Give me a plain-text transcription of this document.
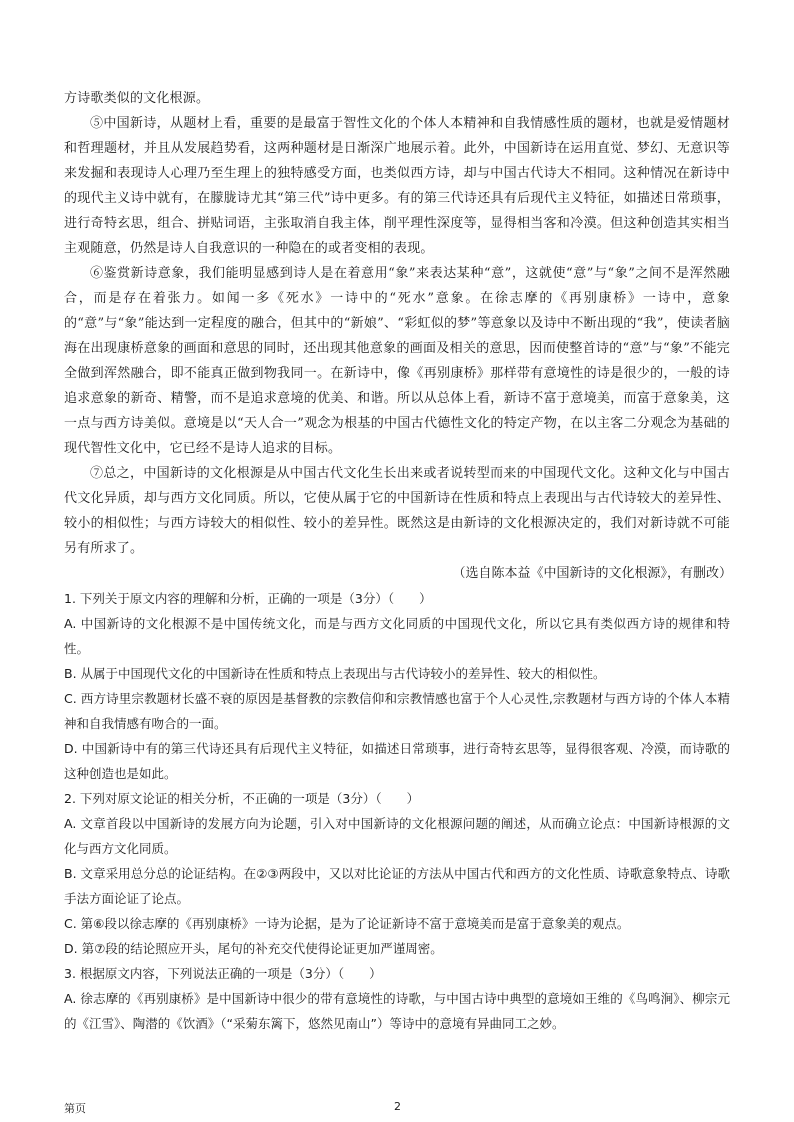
方诗歌类似的文化根源。

⑤中国新诗，从题材上看，重要的是最富于智性文化的个体人本精神和自我情感性质的题材，也就是爱情题材和哲理题材，并且从发展趋势看，这两种题材是日渐深广地展示着。此外，中国新诗在运用直觉、梦幻、无意识等来发掘和表现诗人心理乃至生理上的独特感受方面，也类似西方诗，却与中国古代诗大不相同。这种情况在新诗中的现代主义诗中就有，在朦胧诗尤其“第三代”诗中更多。有的第三代诗还具有后现代主义特征，如描述日常琐事，进行奇特玄思，组合、拼贴词语，主张取消自我主体，削平理性深度等，显得相当客和冷漠。但这种创造其实相当主观随意，仍然是诗人自我意识的一种隐在的或者变相的表现。

⑥鉴赏新诗意象，我们能明显感到诗人是在着意用“象”来表达某种“意”，这就使“意”与“象”之间不是浑然融合，而是存在着张力。如闻一多《死水》一诗中的“死水”意象。在徐志摩的《再别康桥》一诗中，意象的“意”与“象”能达到一定程度的融合，但其中的“新娘”、“彩虹似的梦”等意象以及诗中不断出现的“我”，使读者脑海在出现康桥意象的画面和意思的同时，还出现其他意象的画面及相关的意思，因而使整首诗的“意”与“象”不能完全做到浑然融合，即不能真正做到物我同一。在新诗中，像《再别康桥》那样带有意境性的诗是很少的，一般的诗追求意象的新奇、精警，而不是追求意境的优美、和谐。所以从总体上看，新诗不富于意境美，而富于意象美，这一点与西方诗美似。意境是以“天人合一”观念为根基的中国古代德性文化的特定产物，在以主客二分观念为基础的现代智性文化中，它已经不是诗人追求的目标。

⑦总之，中国新诗的文化根源是从中国古代文化生长出来或者说转型而来的中国现代文化。这种文化与中国古代文化异质，却与西方文化同质。所以，它使从属于它的中国新诗在性质和特点上表现出与古代诗较大的差异性、较小的相似性；与西方诗较大的相似性、较小的差异性。既然这是由新诗的文化根源决定的，我们对新诗就不可能另有所求了。

（选自陈本益《中国新诗的文化根源》，有删改）

1. 下列关于原文内容的理解和分析，正确的一项是（3分）（　　）

A. 中国新诗的文化根源不是中国传统文化，而是与西方文化同质的中国现代文化，所以它具有类似西方诗的规律和特性。

B. 从属于中国现代文化的中国新诗在性质和特点上表现出与古代诗较小的差异性、较大的相似性。

C. 西方诗里宗教题材长盛不衰的原因是基督教的宗教信仰和宗教情感也富于个人心灵性,宗教题材与西方诗的个体人本精神和自我情感有吻合的一面。

D. 中国新诗中有的第三代诗还具有后现代主义特征，如描述日常琐事，进行奇特玄思等，显得很客观、冷漠，而诗歌的这种创造也是如此。

2. 下列对原文论证的相关分析，不正确的一项是（3分）（　　）

A. 文章首段以中国新诗的发展方向为论题，引入对中国新诗的文化根源问题的阐述，从而确立论点：中国新诗根源的文化与西方文化同质。

B. 文章采用总分总的论证结构。在②③两段中，又以对比论证的方法从中国古代和西方的文化性质、诗歌意象特点、诗歌手法方面论证了论点。

C. 第⑥段以徐志摩的《再别康桥》一诗为论据，是为了论证新诗不富于意境美而是富于意象美的观点。

D. 第⑦段的结论照应开头，尾句的补充交代使得论证更加严谨周密。

3. 根据原文内容，下列说法正确的一项是（3分）（　　）

A. 徐志摩的《再别康桥》是中国新诗中很少的带有意境性的诗歌，与中国古诗中典型的意境如王维的《鸟鸣涧》、柳宗元的《江雪》、陶潜的《饮酒》（“采菊东篱下，悠然见南山”）等诗中的意境有异曲同工之妙。

第页	2
